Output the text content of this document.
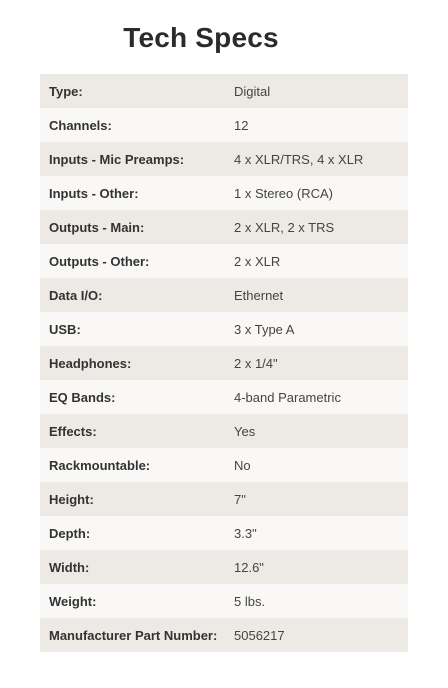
Tech Specs
Type:	Digital
Channels:	12
Inputs - Mic Preamps:	4 x XLR/TRS, 4 x XLR
Inputs - Other:	1 x Stereo (RCA)
Outputs - Main:	2 x XLR, 2 x TRS
Outputs - Other:	2 x XLR
Data I/O:	Ethernet
USB:	3 x Type A
Headphones:	2 x 1/4"
EQ Bands:	4-band Parametric
Effects:	Yes
Rackmountable:	No
Height:	7"
Depth:	3.3"
Width:	12.6"
Weight:	5 lbs.
Manufacturer Part Number:	5056217
